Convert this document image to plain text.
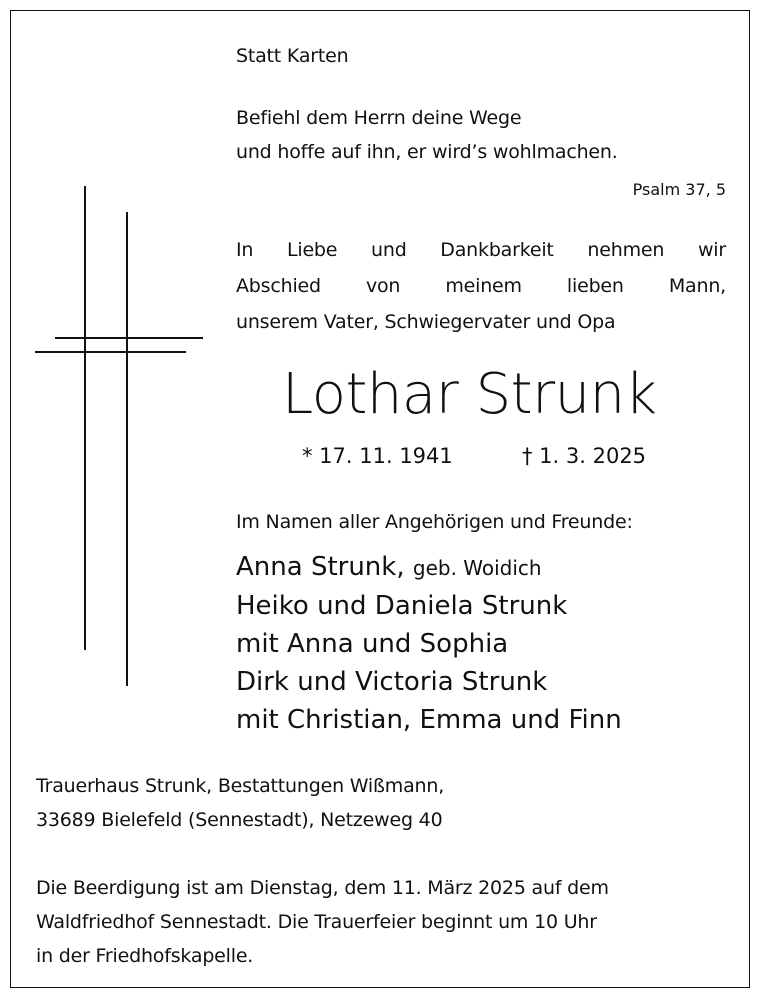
Statt Karten

Befiehl dem Herrn deine Wege

und hoffe auf ihn, er wird’s wohlmachen.

Psalm 37, 5

In Liebe und Dankbarkeit nehmen wir
Abschied von meinem lieben Mann,
unserem Vater, Schwiegervater und Opa

Lothar Strunk

* 17. 11. 1941	† 1. 3. 2025

Im Namen aller Angehörigen und Freunde:

Anna Strunk, geb. Woidich
Heiko und Daniela Strunk
mit Anna und Sophia
Dirk und Victoria Strunk
mit Christian, Emma und Finn

Trauerhaus Strunk, Bestattungen Wißmann,

33689 Bielefeld (Sennestadt), Netzeweg 40

Die Beerdigung ist am Dienstag, dem 11. März 2025 auf dem

Waldfriedhof Sennestadt. Die Trauerfeier beginnt um 10 Uhr

in der Friedhofskapelle.
